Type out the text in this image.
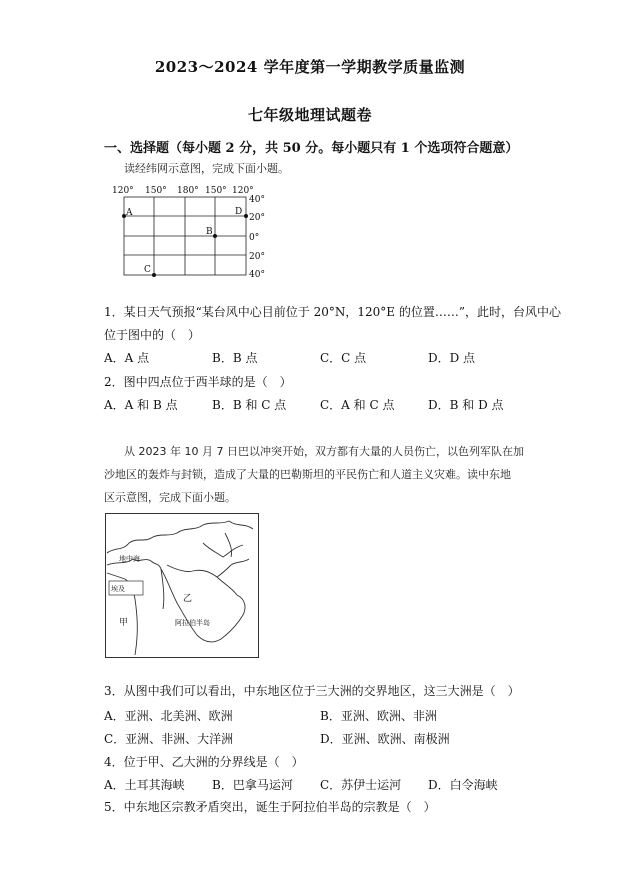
2023～2024 学年度第一学期教学质量监测
七年级地理试题卷
一、选择题（每小题 2 分，共 50 分。每小题只有 1 个选项符合题意）
读经纬网示意图，完成下面小题。
120° 150° 180° 150° 120°
40°
20°
0°
20°
40°
A
B
C
D
1．某日天气预报“某台风中心目前位于 20°N，120°E 的位置……”，此时，台风中心
位于图中的（　）
A．A 点	B．B 点	C．C 点	D．D 点
2．图中四点位于西半球的是（　）
A．A 和 B 点	B．B 和 C 点	C．A 和 C 点	D．B 和 D 点
从 2023 年 10 月 7 日巴以冲突开始，双方都有大量的人员伤亡，以色列军队在加
沙地区的轰炸与封锁，造成了大量的巴勒斯坦的平民伤亡和人道主义灾难。读中东地
区示意图，完成下面小题。
地中海
埃及
阿拉伯半岛
乙
甲
3．从图中我们可以看出，中东地区位于三大洲的交界地区，这三大洲是（　）
A．亚洲、北美洲、欧洲	B．亚洲、欧洲、非洲
C．亚洲、非洲、大洋洲	D．亚洲、欧洲、南极洲
4．位于甲、乙大洲的分界线是（　）
A．土耳其海峡 B．巴拿马运河 C．苏伊士运河 D．白令海峡
5．中东地区宗教矛盾突出，诞生于阿拉伯半岛的宗教是（　）
